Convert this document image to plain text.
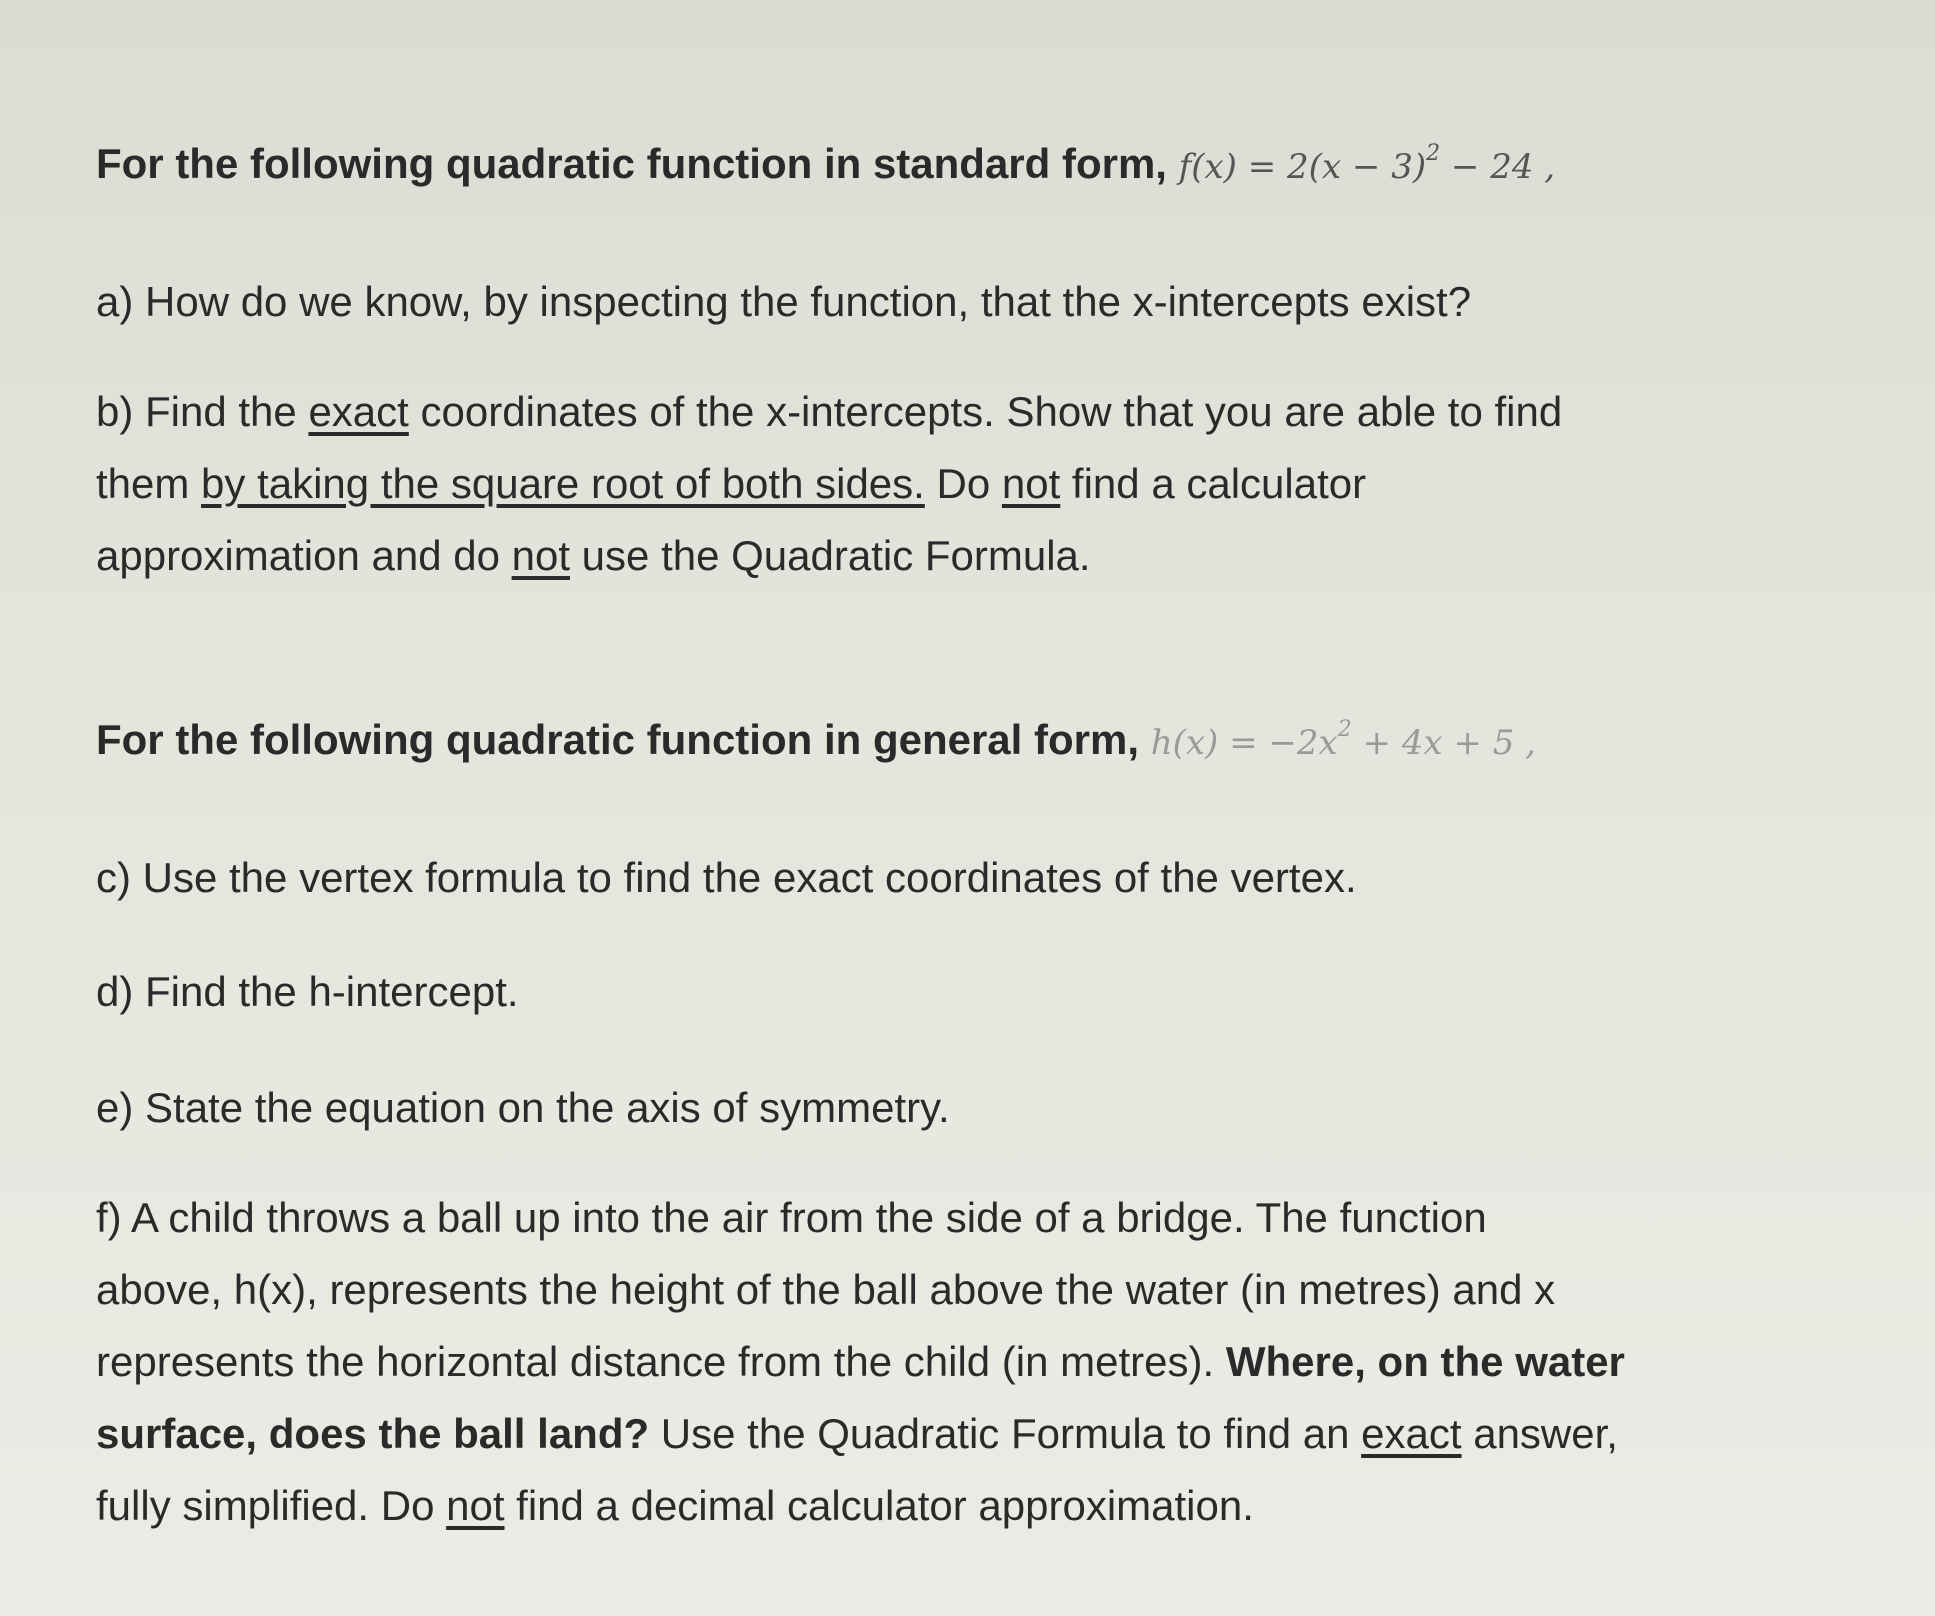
For the following quadratic function in standard form, $f(x) = 2(x - 3)^2 - 24$ ,

a) How do we know, by inspecting the function, that the x-intercepts exist?

b) Find the exact coordinates of the x-intercepts. Show that you are able to find

them by taking the square root of both sides. Do not find a calculator

approximation and do not use the Quadratic Formula.

For the following quadratic function in general form, $h(x) = -2x^2 + 4x + 5$ ,

c) Use the vertex formula to find the exact coordinates of the vertex.

d) Find the h-intercept.

e) State the equation on the axis of symmetry.

f) A child throws a ball up into the air from the side of a bridge. The function

above, h(x), represents the height of the ball above the water (in metres) and x

represents the horizontal distance from the child (in metres). Where, on the water

surface, does the ball land? Use the Quadratic Formula to find an exact answer,

fully simplified. Do not find a decimal calculator approximation.
